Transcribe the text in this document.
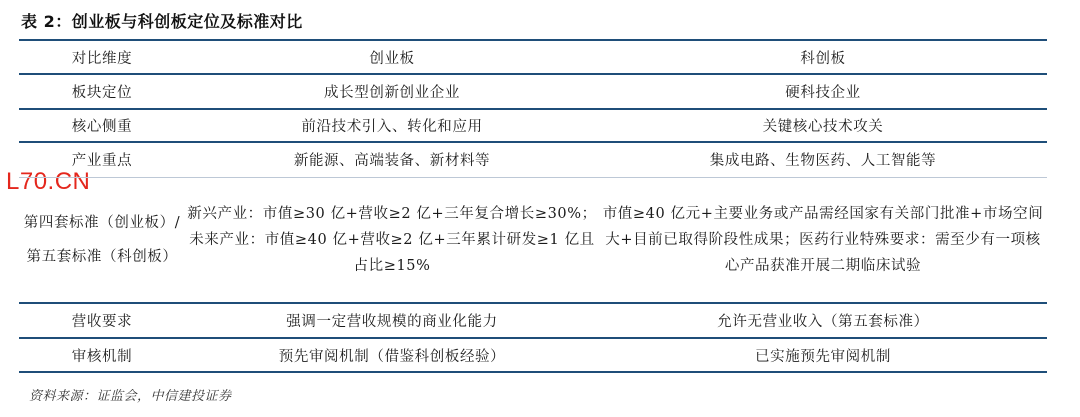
表 2：创业板与科创板定位及标准对比
L70.CN
对比维度	创业板	科创板
板块定位	成长型创新创业企业	硬科技企业
核心侧重	前沿技术引入、转化和应用	关键核心技术攻关
产业重点	新能源、高端装备、新材料等	集成电路、生物医药、人工智能等
第四套标准（创业板）/第五套标准（科创板）	新兴产业：市值≥30 亿+营收≥2 亿+三年复合增长≥30%；未来产业：市值≥40 亿+营收≥2 亿+三年累计研发≥1 亿且占比≥15%	市值≥40 亿元+主要业务或产品需经国家有关部门批准+市场空间大+目前已取得阶段性成果；医药行业特殊要求：需至少有一项核心产品获准开展二期临床试验
营收要求	强调一定营收规模的商业化能力	允许无营业收入（第五套标准）
审核机制	预先审阅机制（借鉴科创板经验）	已实施预先审阅机制
资料来源：证监会，中信建投证券
